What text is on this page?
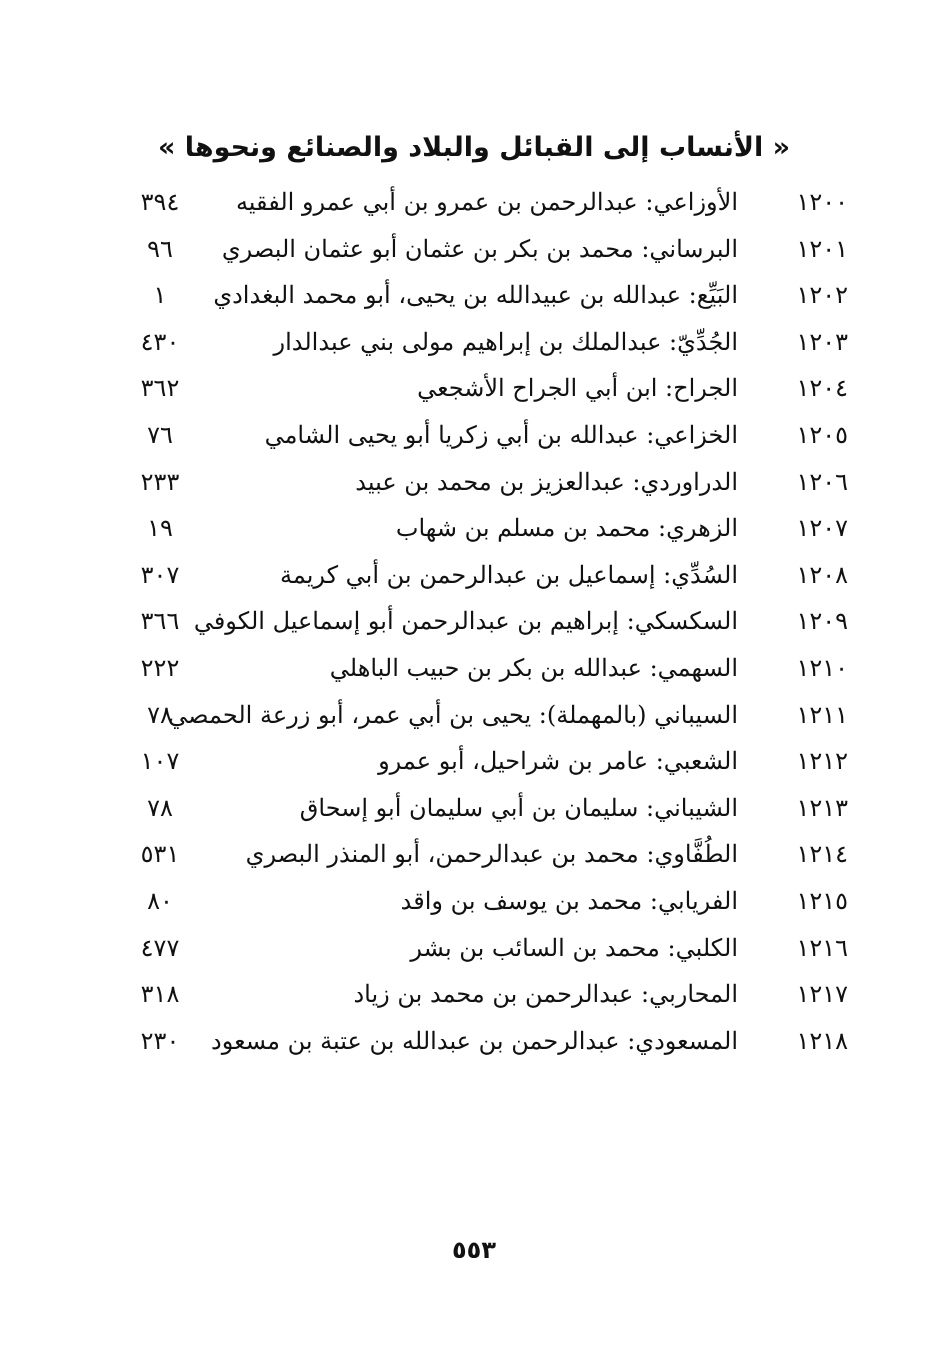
« الأنساب إلى القبائل والبلاد والصنائع ونحوها »
١٢٠٠
الأوزاعي: عبدالرحمن بن عمرو بن أبي عمرو الفقيه
٣٩٤
١٢٠١
البرساني: محمد بن بكر بن عثمان أبو عثمان البصري
٩٦
١٢٠٢
البَيِّع: عبدالله بن عبيدالله بن يحيى، أبو محمد البغدادي
١
١٢٠٣
الجُدِّيّ: عبدالملك بن إبراهيم مولى بني عبدالدار
٤٣٠
١٢٠٤
الجراح: ابن أبي الجراح الأشجعي
٣٦٢
١٢٠٥
الخزاعي: عبدالله بن أبي زكريا أبو يحيى الشامي
٧٦
١٢٠٦
الدراوردي: عبدالعزيز بن محمد بن عبيد
٢٣٣
١٢٠٧
الزهري: محمد بن مسلم بن شهاب
١٩
١٢٠٨
السُدِّي: إسماعيل بن عبدالرحمن بن أبي كريمة
٣٠٧
١٢٠٩
السكسكي: إبراهيم بن عبدالرحمن أبو إسماعيل الكوفي
٣٦٦
١٢١٠
السهمي: عبدالله بن بكر بن حبيب الباهلي
٢٢٢
١٢١١
السيباني (بالمهملة): يحيى بن أبي عمر، أبو زرعة الحمصي
٧٨
١٢١٢
الشعبي: عامر بن شراحيل، أبو عمرو
١٠٧
١٢١٣
الشيباني: سليمان بن أبي سليمان أبو إسحاق
٧٨
١٢١٤
الطُفَّاوي: محمد بن عبدالرحمن، أبو المنذر البصري
٥٣١
١٢١٥
الفريابي: محمد بن يوسف بن واقد
٨٠
١٢١٦
الكلبي: محمد بن السائب بن بشر
٤٧٧
١٢١٧
المحاربي: عبدالرحمن بن محمد بن زياد
٣١٨
١٢١٨
المسعودي: عبدالرحمن بن عبدالله بن عتبة بن مسعود
٢٣٠
٥٥٣
